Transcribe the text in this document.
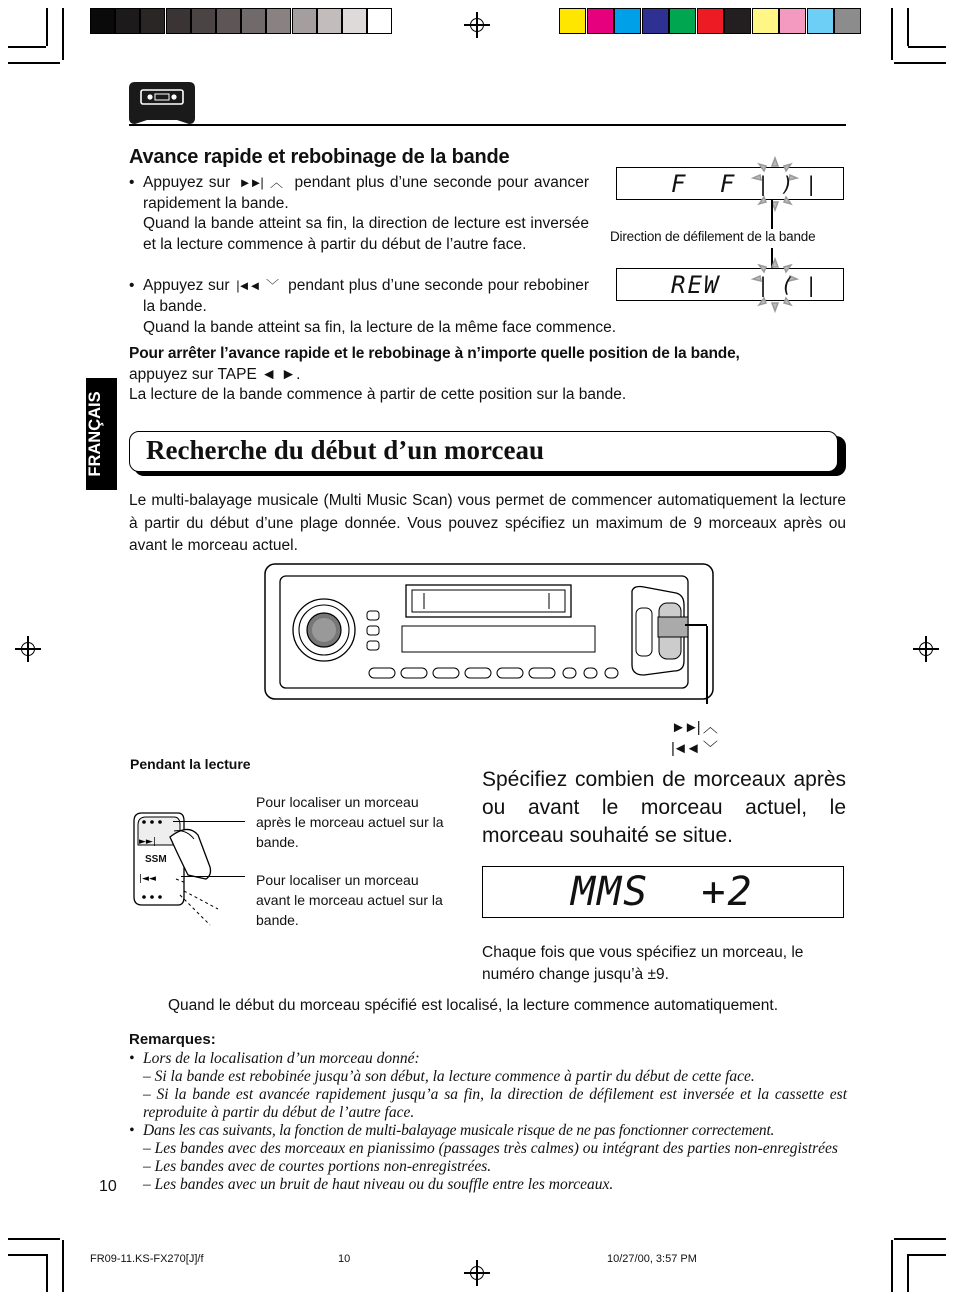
Avance rapide et rebobinage de la bande
• Appuyez sur  ►►|  ︿  pendant plus d’une seconde pour avancer rapidement la bande.
Quand la bande atteint sa fin, la direction de lecture est inversée et la lecture commence à partir du début de l’autre face.
• Appuyez sur  |◄◄  ﹀  pendant plus d’une seconde pour rebobiner la bande.
Quand la bande atteint sa fin, la lecture de la même face commence.
Pour arrêter l’avance rapide et le rebobinage à n’importe quelle position de la bande,
appuyez sur TAPE ◄ ►.
La lecture de la bande commence à partir de cette position sur la bande.
F F | ) |
Direction de défilement de la bande
REW | ( |
FRANÇAIS Recherche du début d’un morceau
Le multi-balayage musicale (Multi Music Scan) vous permet de commencer automatiquement la lecture à partir du début d’une plage donnée. Vous pouvez spécifiez un maximum de 9 morceaux après ou avant le morceau actuel.
►►|  ︿
|◄◄  ﹀
Pendant la lecture
►►|
|◄◄
SSM
Pour localiser un morceau après le morceau actuel sur la bande.
Pour localiser un morceau avant le morceau actuel sur la bande.
Spécifiez combien de morceaux après ou avant le morceau actuel, le morceau souhaité se situe.
MMS  +2
Chaque fois que vous spécifiez un morceau, le numéro change jusqu’à ±9.
Quand le début du morceau spécifié est localisé, la lecture commence automatiquement.
Remarques:
• Lors de la localisation d’un morceau donné:
– Si la bande est rebobinée jusqu’à son début, la lecture commence à partir du début de cette face.
– Si la bande est avancée rapidement jusqu’a sa fin, la direction de défilement est inversée et la cassette est reproduite à partir du début de l’autre face.
• Dans les cas suivants, la fonction de multi-balayage musicale risque de ne pas fonctionner correctement.
– Les bandes avec des morceaux en pianissimo (passages très calmes) ou intégrant des parties non-enregistrées
– Les bandes avec de courtes portions non-enregistrées.
– Les bandes avec un bruit de haut niveau ou du souffle entre les morceaux.
10
FR09-11.KS-FX270[J]/f	10	10/27/00, 3:57 PM
